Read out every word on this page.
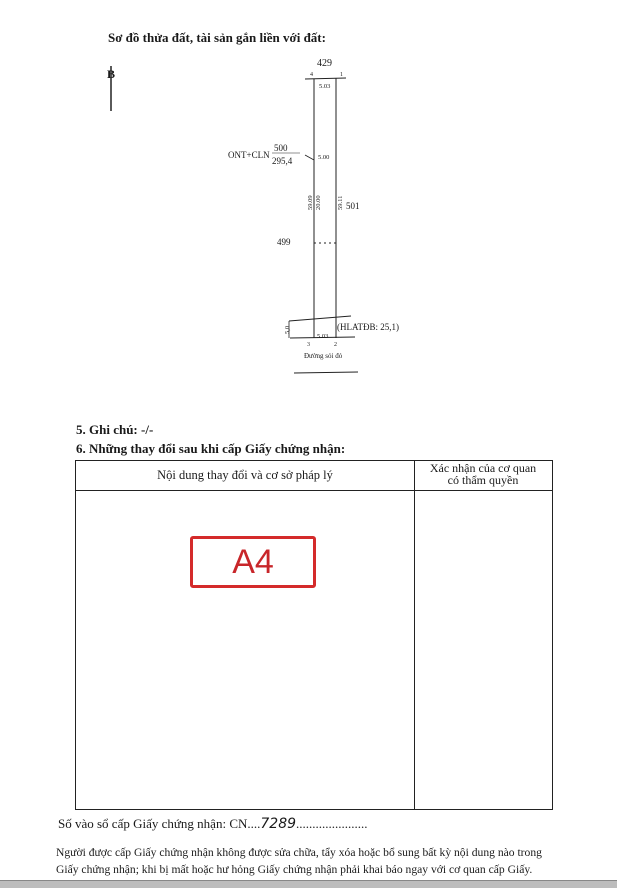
Sơ đồ thửa đất, tài sản gắn liền với đất:
B
429
4	1
5.03
ONT+CLN
500
295,4	5.00
59.09 20.00 59.11 501
499
(HLATĐB: 25,1)
5,0
5.03
3	2
Đường sỏi đỏ
5. Ghi chú: -/-
6. Những thay đổi sau khi cấp Giấy chứng nhận:
Nội dung thay đổi và cơ sở pháp lý	Xác nhận của cơ quan
có thẩm quyền
A4
Số vào sổ cấp Giấy chứng nhận: CN....7289......................
Người được cấp Giấy chứng nhận không được sửa chữa, tẩy xóa hoặc bổ sung bất kỳ nội dung nào trong
Giấy chứng nhận; khi bị mất hoặc hư hỏng Giấy chứng nhận phải khai báo ngay với cơ quan cấp Giấy.
